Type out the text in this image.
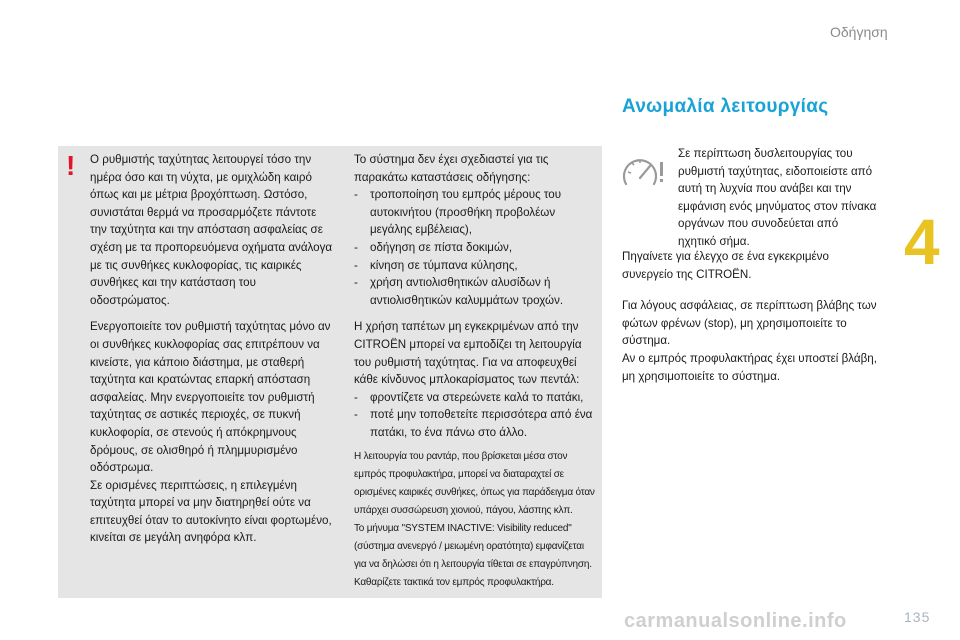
Οδήγηση
4
! Ο ρυθμιστής ταχύτητας λειτουργεί τόσο την ημέρα όσο και τη νύχτα, με ομιχλώδη καιρό όπως και με μέτρια βροχόπτωση. Ωστόσο, συνιστάται θερμά να προσαρμόζετε πάντοτε την ταχύτητα και την απόσταση ασφαλείας σε σχέση με τα προπορευόμενα οχήματα ανάλογα με τις συνθήκες κυκλοφορίας, τις καιρικές συνθήκες και την κατάσταση του οδοστρώματος.

Ενεργοποιείτε τον ρυθμιστή ταχύτητας μόνο αν οι συνθήκες κυκλοφορίας σας επιτρέπουν να κινείστε, για κάποιο διάστημα, με σταθερή ταχύτητα και κρατώντας επαρκή απόσταση ασφαλείας. Μην ενεργοποιείτε τον ρυθμιστή ταχύτητας σε αστικές περιοχές, σε πυκνή κυκλοφορία, σε στενούς ή απόκρημνους δρόμους, σε ολισθηρό ή πλημμυρισμένο οδόστρωμα.

Σε ορισμένες περιπτώσεις, η επιλεγμένη ταχύτητα μπορεί να μην διατηρηθεί ούτε να επιτευχθεί όταν το αυτοκίνητο είναι φορτωμένο, κινείται σε μεγάλη ανηφόρα κλπ.

Το σύστημα δεν έχει σχεδιαστεί για τις παρακάτω καταστάσεις οδήγησης:

- τροποποίηση του εμπρός μέρους του αυτοκινήτου (προσθήκη προβολέων μεγάλης εμβέλειας),
- οδήγηση σε πίστα δοκιμών,
- κίνηση σε τύμπανα κύλησης,
- χρήση αντιολισθητικών αλυσίδων ή αντιολισθητικών καλυμμάτων τροχών.

Η χρήση ταπέτων μη εγκεκριμένων από την CITROËN μπορεί να εμποδίζει τη λειτουργία του ρυθμιστή ταχύτητας. Για να αποφευχθεί κάθε κίνδυνος μπλοκαρίσματος των πεντάλ:

- φροντίζετε να στερεώνετε καλά το πατάκι,
- ποτέ μην τοποθετείτε περισσότερα από ένα πατάκι, το ένα πάνω στο άλλο.
Η λειτουργία του ραντάρ, που βρίσκεται μέσα στον εμπρός προφυλακτήρα, μπορεί να διαταραχτεί σε ορισμένες καιρικές συνθήκες, όπως για παράδειγμα όταν υπάρχει συσσώρευση χιονιού, πάγου, λάσπης κλπ.
Το μήνυμα "SYSTEM INACTIVE: Visibility reduced" (σύστημα ανενεργό / μειωμένη ορατότητα) εμφανίζεται για να δηλώσει ότι η λειτουργία τίθεται σε επαγρύπνηση.
Καθαρίζετε τακτικά τον εμπρός προφυλακτήρα.
Ανωμαλία λειτουργίας
Σε περίπτωση δυσλειτουργίας του ρυθμιστή ταχύτητας, ειδοποιείστε από αυτή τη λυχνία που ανάβει και την εμφάνιση ενός μηνύματος στον πίνακα οργάνων που συνοδεύεται από ηχητικό σήμα.

Πηγαίνετε για έλεγχο σε ένα εγκεκριμένο συνεργείο της CITROËN.

Για λόγους ασφάλειας, σε περίπτωση βλάβης των φώτων φρένων (stop), μη χρησιμοποιείτε το σύστημα.

Αν ο εμπρός προφυλακτήρας έχει υποστεί βλάβη, μη χρησιμοποιείτε το σύστημα.

carmanualsonline.info	135
